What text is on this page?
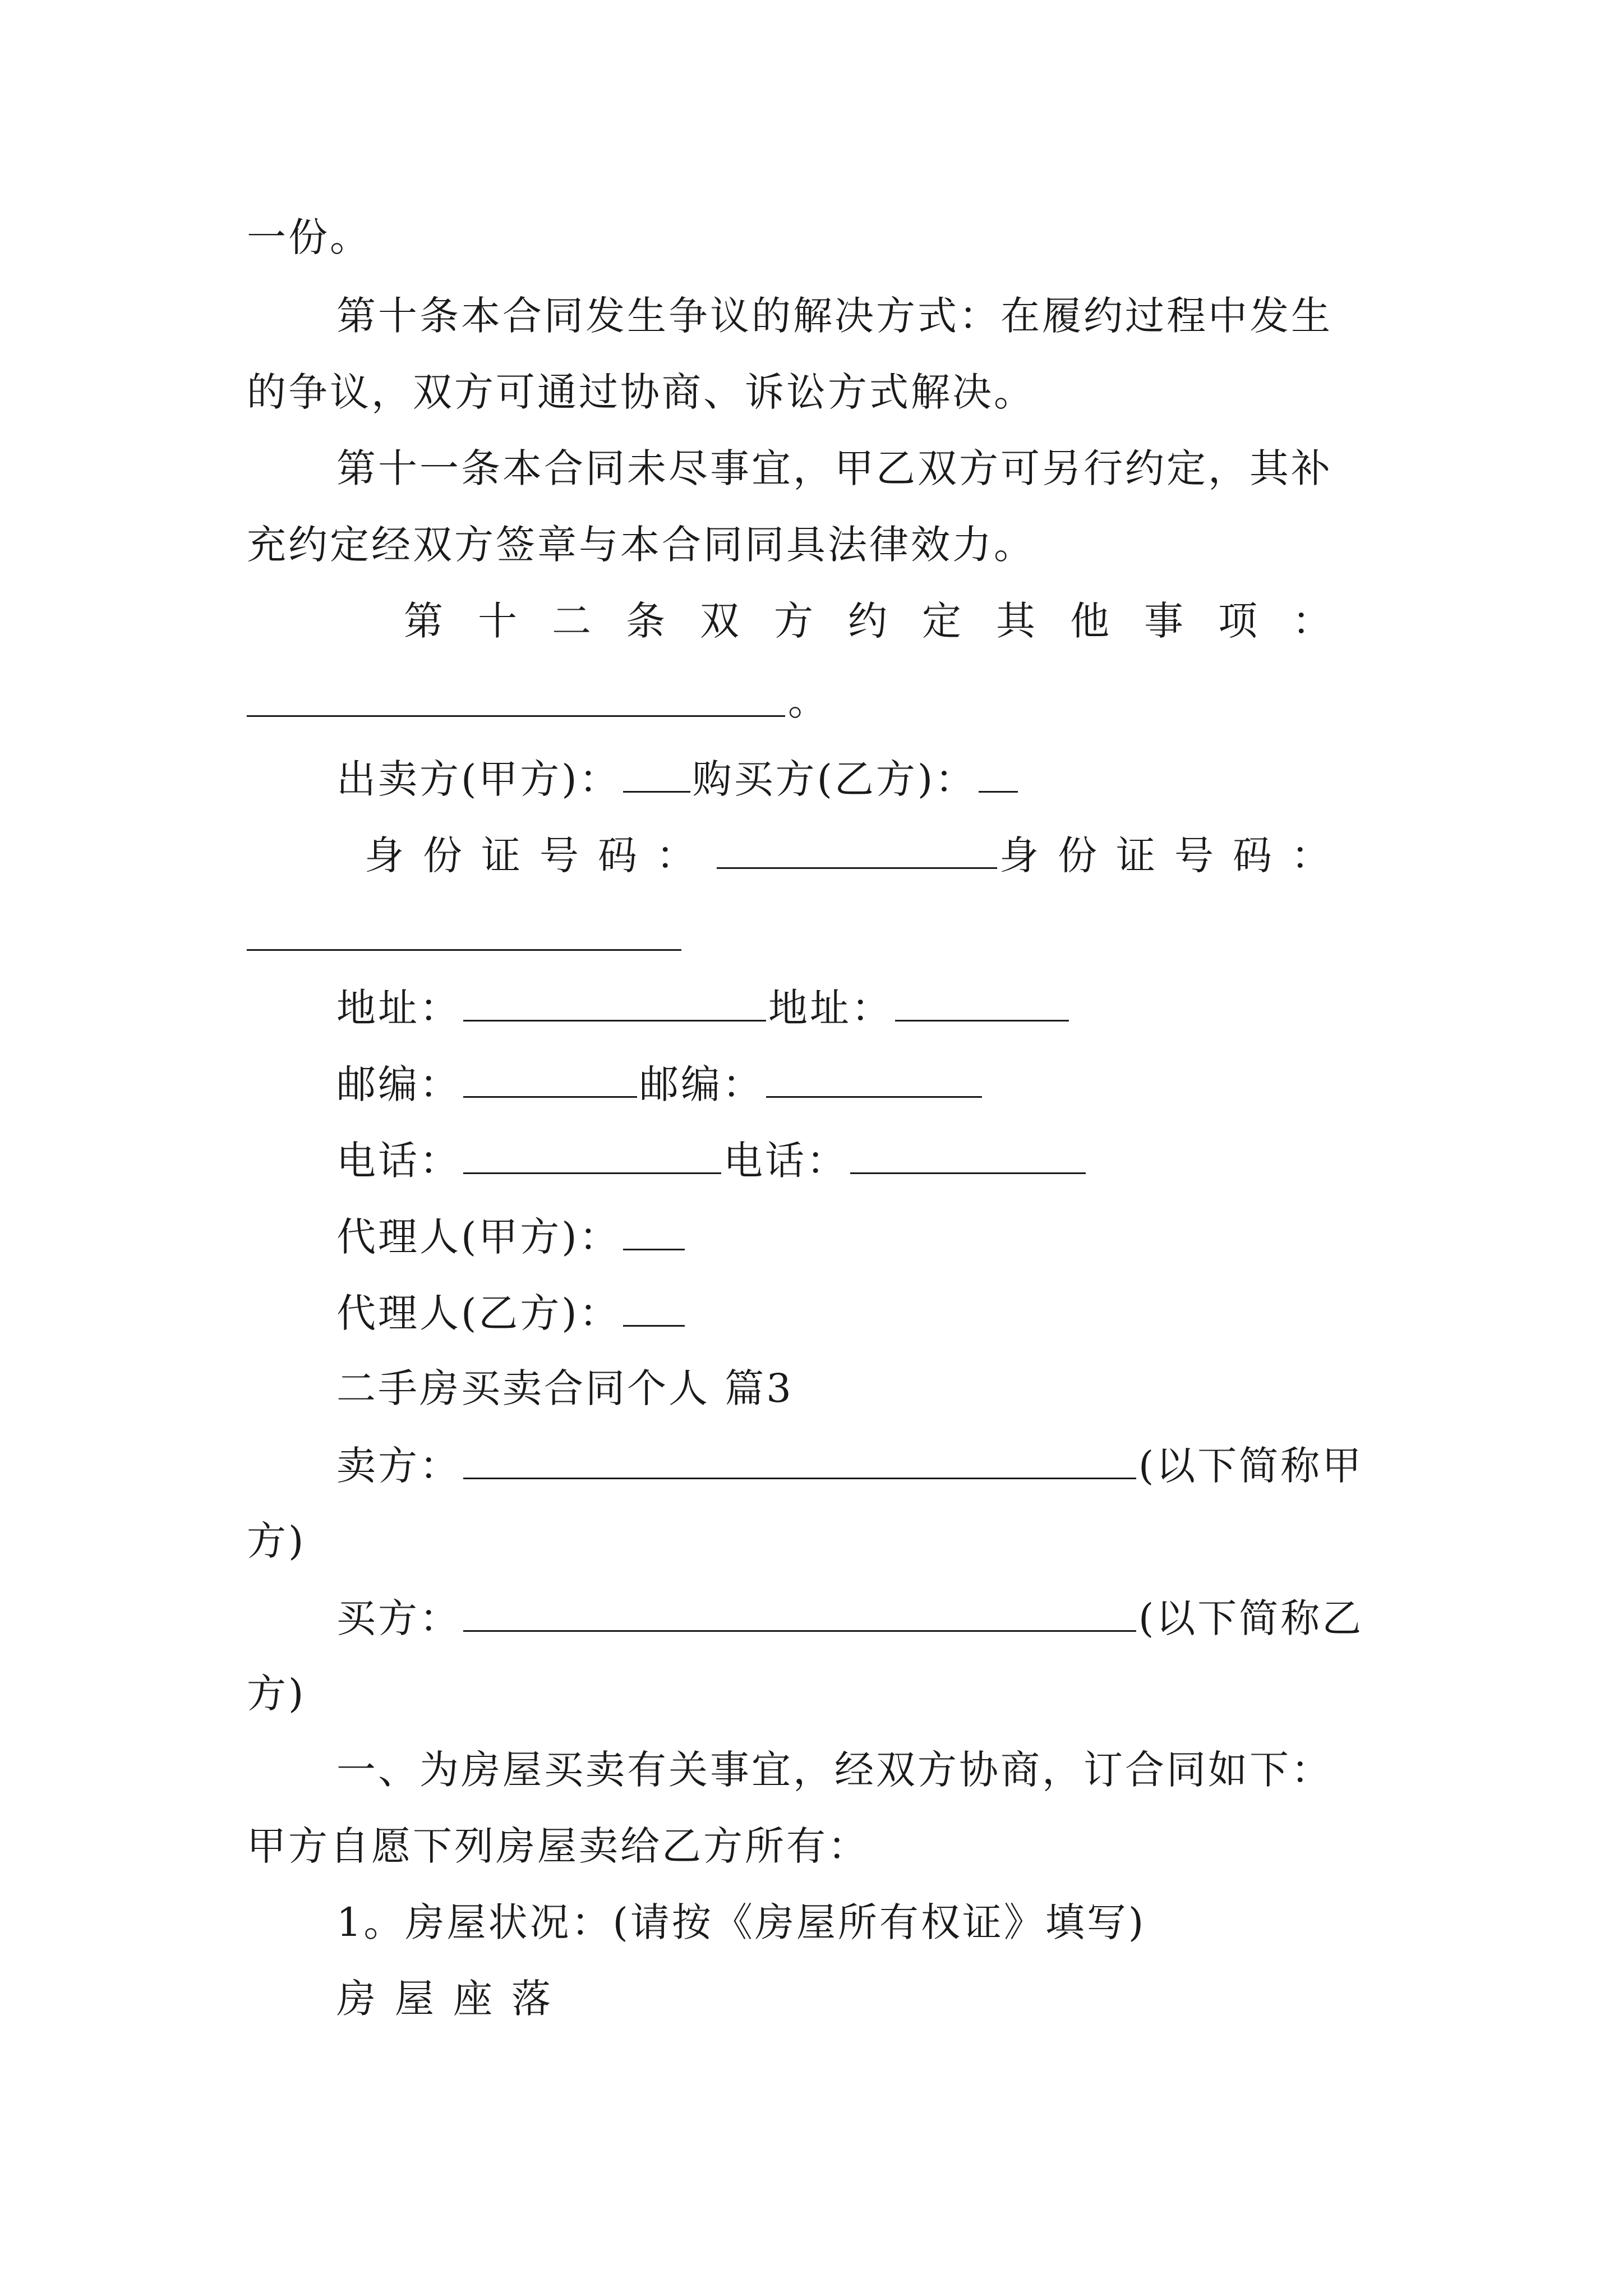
一份。
第十条本合同发生争议的解决方式：在履约过程中发生
的争议，双方可通过协商、诉讼方式解决。
第十一条本合同未尽事宜，甲乙双方可另行约定，其补
充约定经双方签章与本合同同具法律效力。
第十二条双方约定其他事项：
。
出卖方(甲方)： 购买方(乙方)：
身份证号码：	身份证号码：
地址：	地址：
邮编：	邮编：
电话：	电话：
代理人(甲方)：
代理人(乙方)：
二手房买卖合同个人 篇3
卖方：	(以下简称甲
方)
买方：	(以下简称乙
方)
一、为房屋买卖有关事宜，经双方协商，订合同如下：
甲方自愿下列房屋卖给乙方所有：
1。房屋状况：(请按《房屋所有权证》填写)
房屋座落
